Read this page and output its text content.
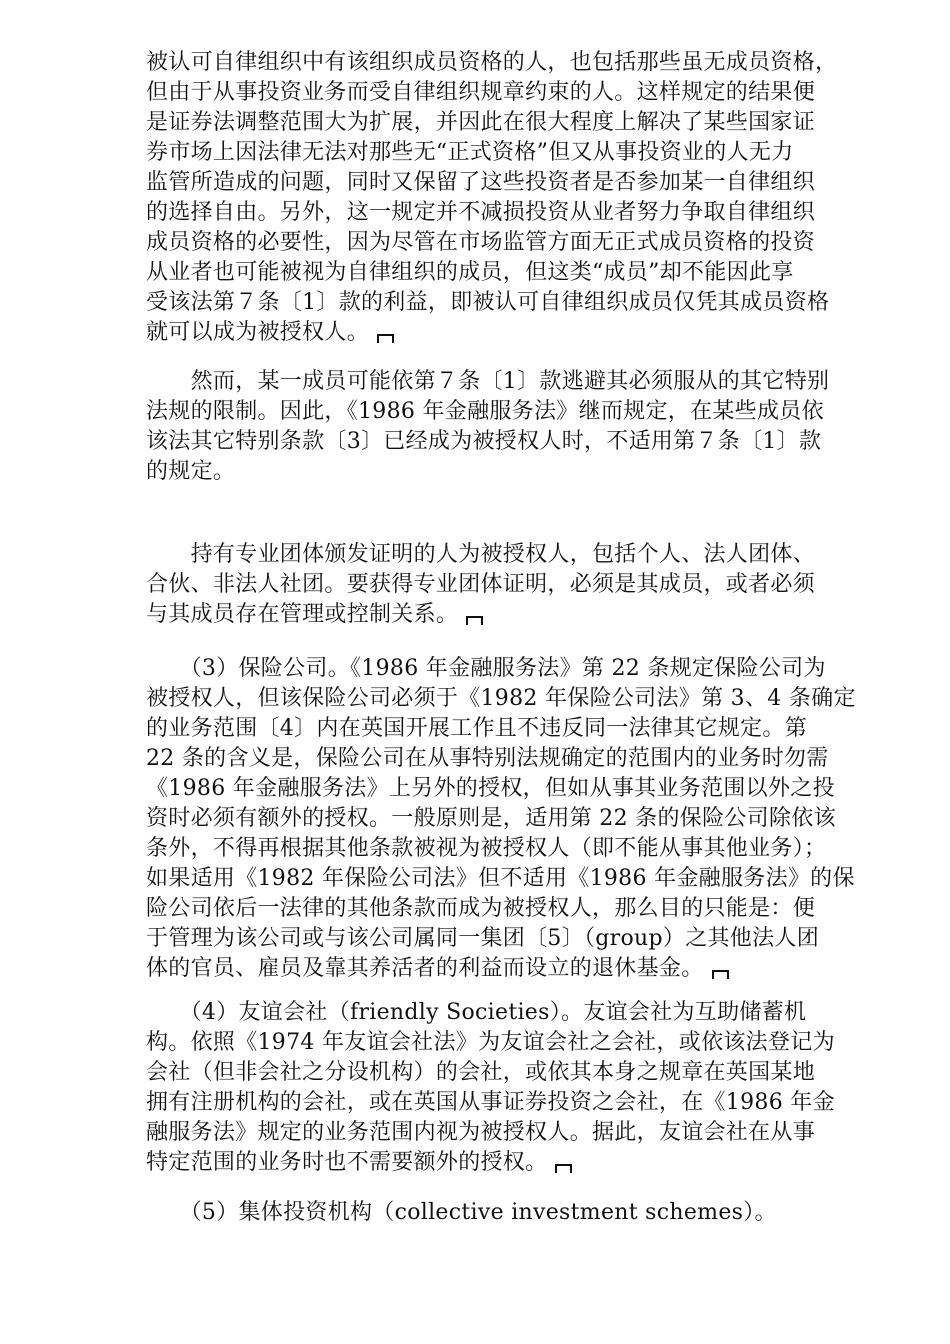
被认可自律组织中有该组织成员资格的人，也包括那些虽无成员资格，
但由于从事投资业务而受自律组织规章约束的人。这样规定的结果便
是证券法调整范围大为扩展，并因此在很大程度上解决了某些国家证
券市场上因法律无法对那些无“正式资格”但又从事投资业的人无力
监管所造成的问题，同时又保留了这些投资者是否参加某一自律组织
的选择自由。另外，这一规定并不减损投资从业者努力争取自律组织
成员资格的必要性，因为尽管在市场监管方面无正式成员资格的投资
从业者也可能被视为自律组织的成员，但这类“成员”却不能因此享
受该法第７条〔1〕款的利益，即被认可自律组织成员仅凭其成员资格
就可以成为被授权人。

　　然而，某一成员可能依第７条〔1〕款逃避其必须服从的其它特别
法规的限制。因此，《1986 年金融服务法》继而规定，在某些成员依
该法其它特别条款〔3〕已经成为被授权人时，不适用第７条〔1〕款
的规定。

　　持有专业团体颁发证明的人为被授权人，包括个人、法人团体、
合伙、非法人社团。要获得专业团体证明，必须是其成员，或者必须
与其成员存在管理或控制关系。

　　（3）保险公司。《1986 年金融服务法》第 22 条规定保险公司为
被授权人，但该保险公司必须于《1982 年保险公司法》第 3、4 条确定
的业务范围〔4〕内在英国开展工作且不违反同一法律其它规定。第
22 条的含义是，保险公司在从事特别法规确定的范围内的业务时勿需
《1986 年金融服务法》上另外的授权，但如从事其业务范围以外之投
资时必须有额外的授权。一般原则是，适用第 22 条的保险公司除依该
条外，不得再根据其他条款被视为被授权人（即不能从事其他业务）；
如果适用《1982 年保险公司法》但不适用《1986 年金融服务法》的保
险公司依后一法律的其他条款而成为被授权人，那么目的只能是：便
于管理为该公司或与该公司属同一集团〔5〕（group）之其他法人团
体的官员、雇员及靠其养活者的利益而设立的退休基金。

　　（4）友谊会社（friendly Societies）。友谊会社为互助储蓄机
构。依照《1974 年友谊会社法》为友谊会社之会社，或依该法登记为
会社（但非会社之分设机构）的会社，或依其本身之规章在英国某地
拥有注册机构的会社，或在英国从事证券投资之会社，在《1986 年金
融服务法》规定的业务范围内视为被授权人。据此，友谊会社在从事
特定范围的业务时也不需要额外的授权。

　　（5）集体投资机构（collective investment schemes）。
